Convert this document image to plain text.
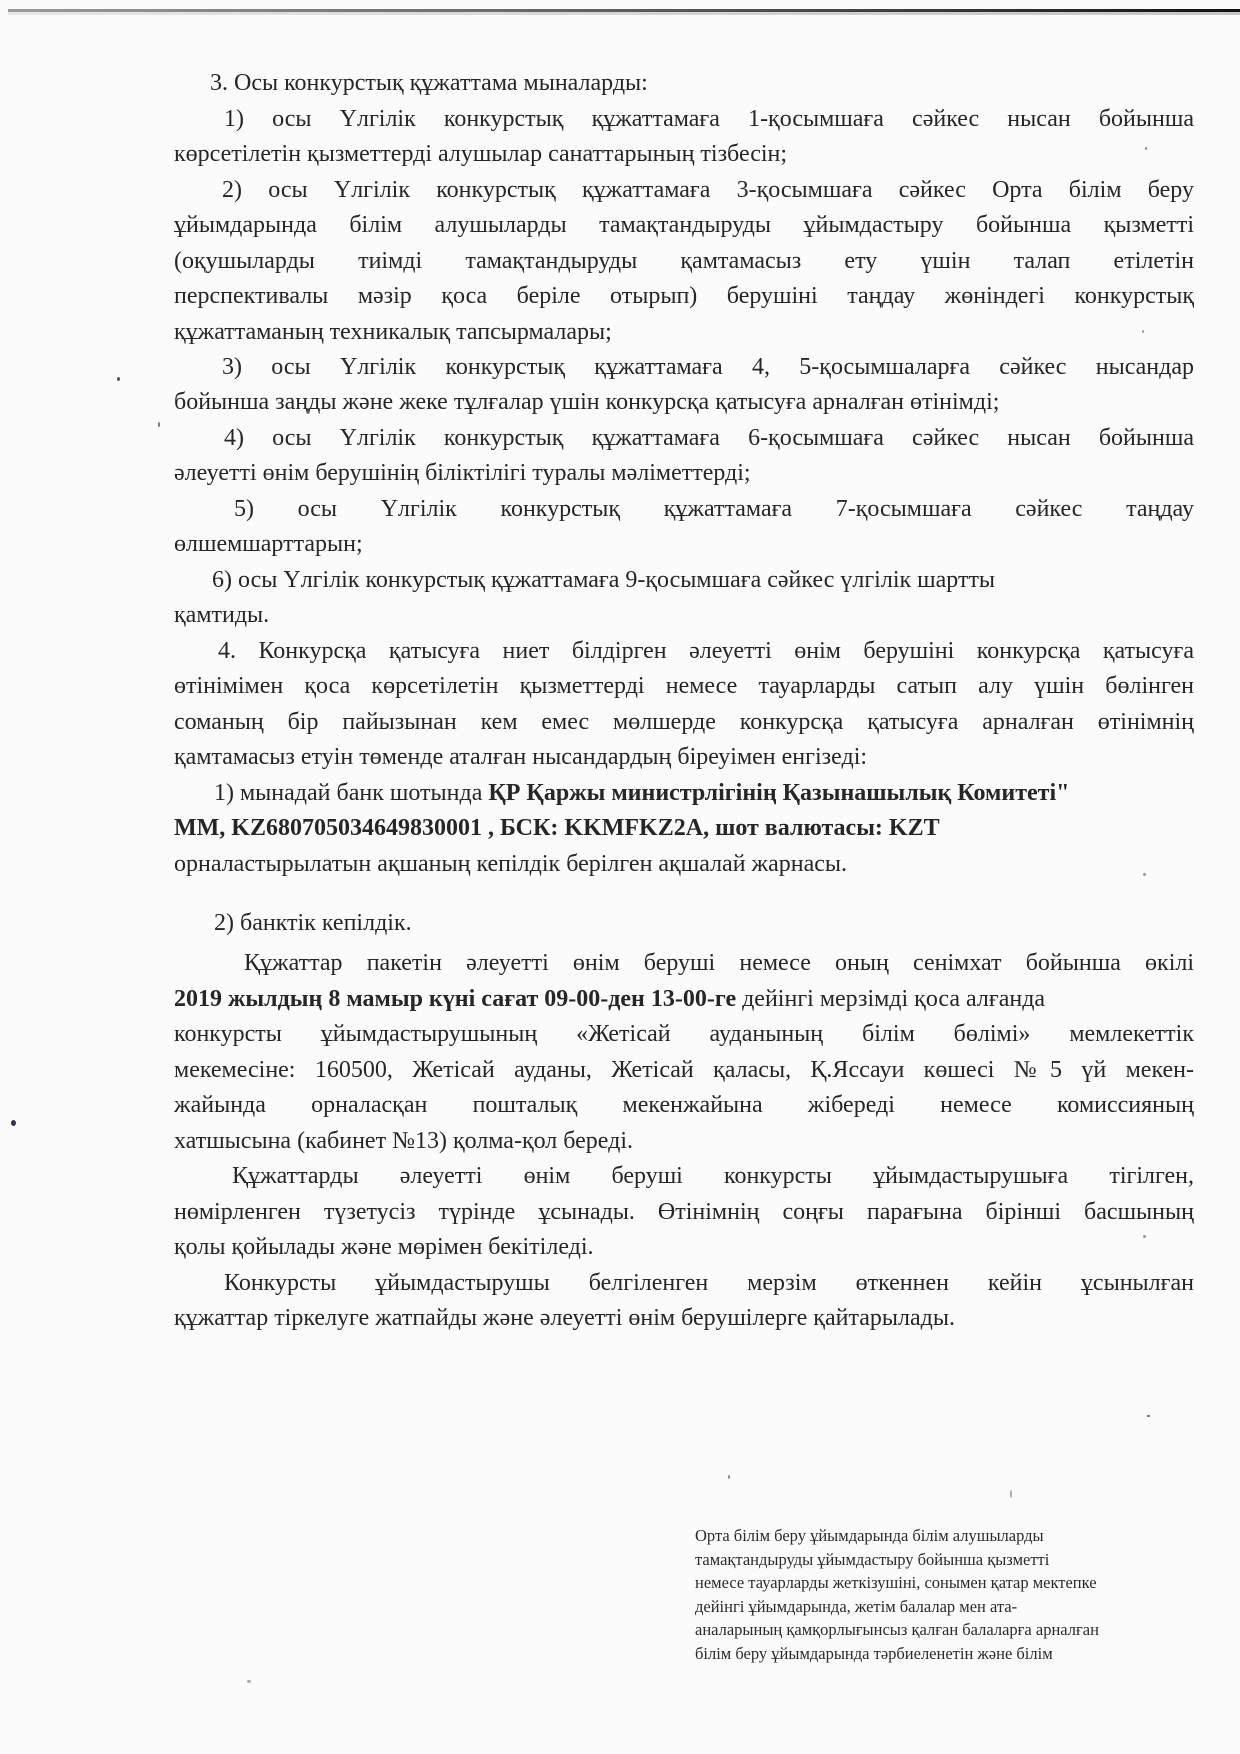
3. Осы конкурстық құжаттама мыналарды:
1) осы Үлгілік конкурстық құжаттамаға 1-қосымшаға сәйкес нысан бойынша
көрсетілетін қызметтерді алушылар санаттарының тізбесін;
2) осы Үлгілік конкурстық құжаттамаға 3-қосымшаға сәйкес Орта білім беру
ұйымдарында білім алушыларды тамақтандыруды ұйымдастыру бойынша қызметті
(оқушыларды тиімді тамақтандыруды қамтамасыз ету үшін талап етілетін
перспективалы мәзір қоса беріле отырып) берушіні таңдау жөніндегі конкурстық
құжаттаманың техникалық тапсырмалары;
3) осы Үлгілік конкурстық құжаттамаға 4, 5-қосымшаларға сәйкес нысандар
бойынша заңды және жеке тұлғалар үшін конкурсқа қатысуға арналған өтінімді;
4) осы Үлгілік конкурстық құжаттамаға 6-қосымшаға сәйкес нысан бойынша
әлеуетті өнім берушінің біліктілігі туралы мәліметтерді;
5) осы Үлгілік конкурстық құжаттамаға 7-қосымшаға сәйкес таңдау
өлшемшарттарын;
6) осы Үлгілік конкурстық құжаттамаға 9-қосымшаға сәйкес үлгілік шартты
қамтиды.
4. Конкурсқа қатысуға ниет білдірген әлеуетті өнім берушіні конкурсқа қатысуға
өтінімімен қоса көрсетілетін қызметтерді немесе тауарларды сатып алу үшін бөлінген
соманың бір пайызынан кем емес мөлшерде конкурсқа қатысуға арналған өтінімнің
қамтамасыз етуін төменде аталған нысандардың біреуімен енгізеді:
1) мынадай банк шотында ҚР Қаржы министрлігінің Қазынашылық Комитеті"
ММ, KZ680705034649830001 , БСК: KKMFKZ2A, шот валютасы: KZT
орналастырылатын ақшаның кепілдік берілген ақшалай жарнасы.
2) банктік кепілдік.
Құжаттар пакетін әлеуетті өнім беруші немесе оның сенімхат бойынша өкілі
2019 жылдың 8 мамыр күні сағат 09-00-ден 13-00-ге дейінгі мерзімді қоса алғанда
конкурсты ұйымдастырушының «Жетісай ауданының білім бөлімі» мемлекеттік
мекемесіне: 160500, Жетісай ауданы, Жетісай қаласы, Қ.Яссауи көшесі №5 үй мекен-
жайында орналасқан пошталық мекенжайына жібереді немесе комиссияның
хатшысына (кабинет №13) қолма-қол береді.
Құжаттарды әлеуетті өнім беруші конкурсты ұйымдастырушыға тігілген,
нөмірленген түзетусіз түрінде ұсынады. Өтінімнің соңғы парағына бірінші басшының
қолы қойылады және мөрімен бекітіледі.
Конкурсты ұйымдастырушы белгіленген мерзім өткеннен кейін ұсынылған
құжаттар тіркелуге жатпайды және әлеуетті өнім берушілерге қайтарылады.
Орта білім беру ұйымдарында білім алушыларды
тамақтандыруды ұйымдастыру бойынша қызметті
немесе тауарларды жеткізушіні, сонымен қатар мектепке
дейінгі ұйымдарында, жетім балалар мен ата-
аналарының қамқорлығынсыз қалған балаларға арналған
білім беру ұйымдарында тәрбиеленетін және білім
